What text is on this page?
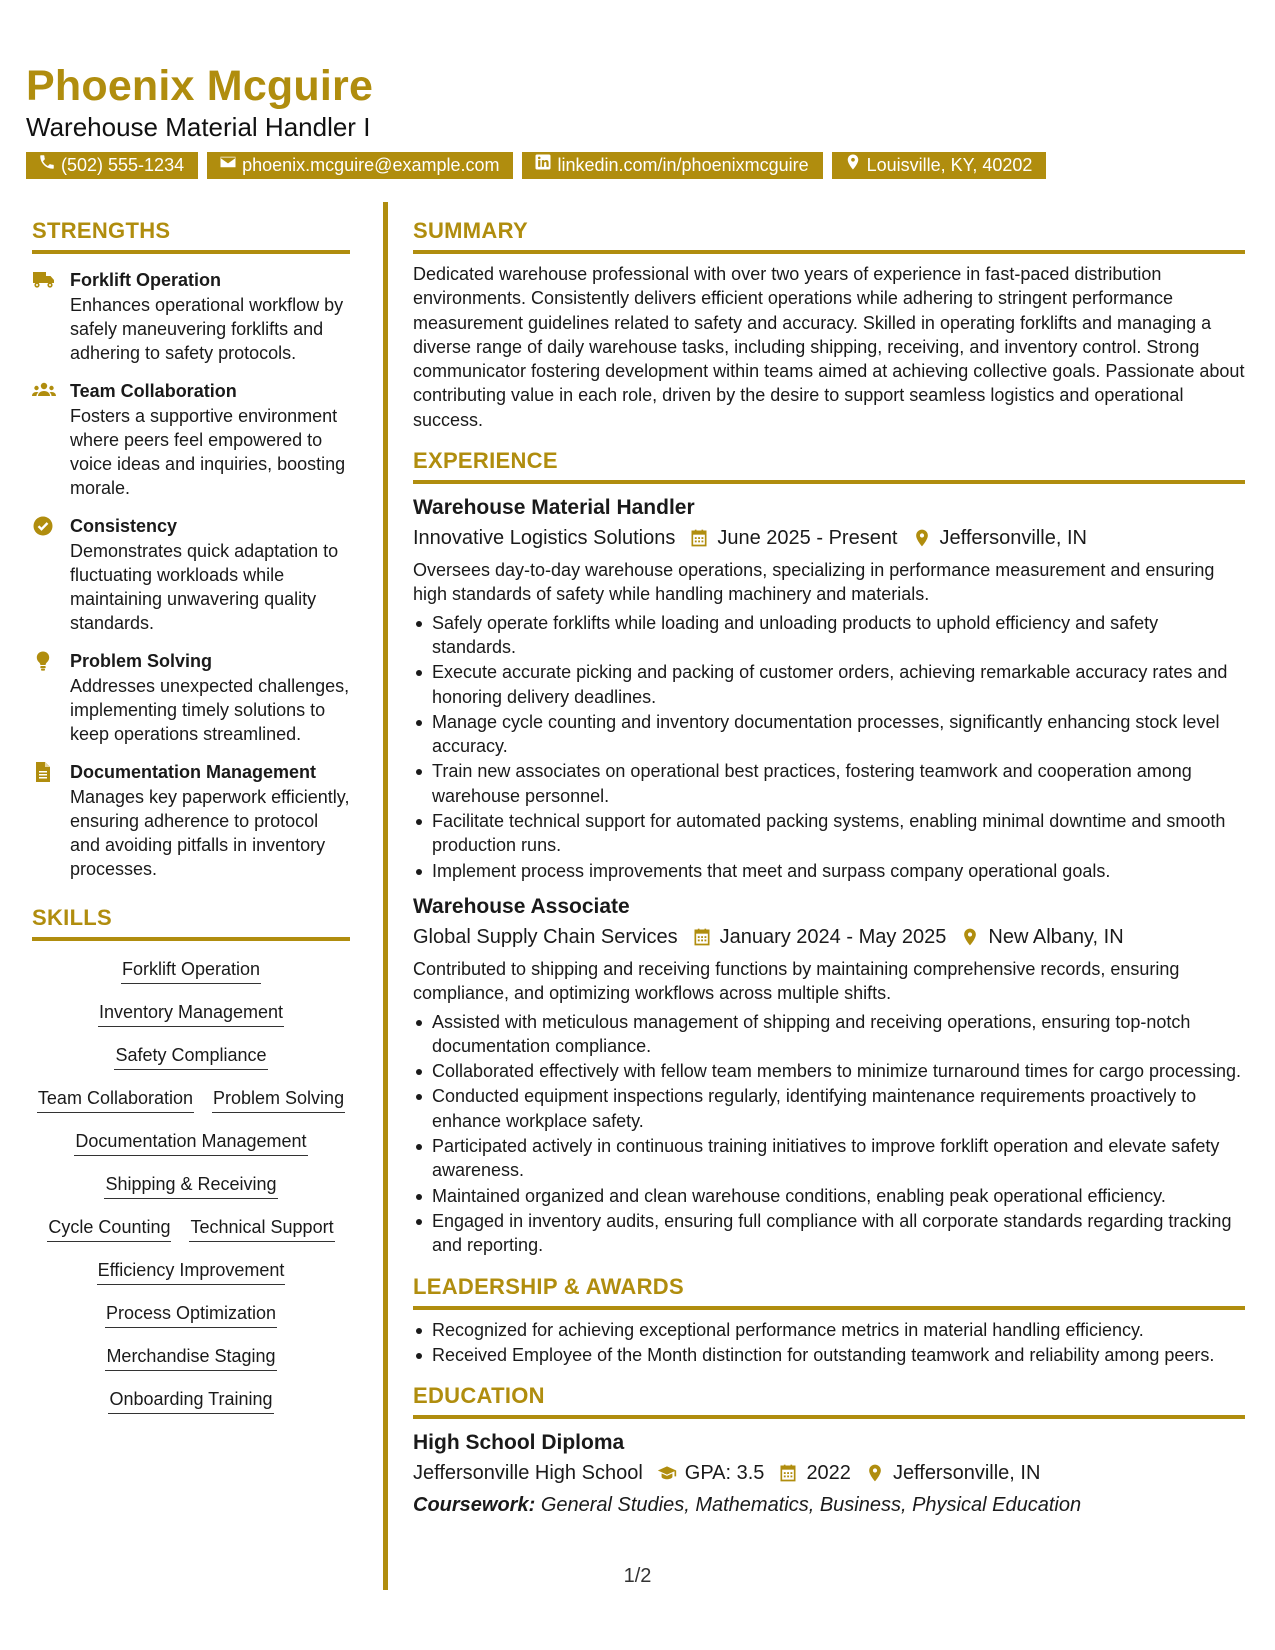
Phoenix Mcguire
Warehouse Material Handler I
(502) 555-1234	phoenix.mcguire@example.com	linkedin.com/in/phoenixmcguire	Louisville, KY, 40202
STRENGTHS
Forklift Operation
Enhances operational workflow by safely maneuvering forklifts and adhering to safety protocols.
Team Collaboration
Fosters a supportive environment where peers feel empowered to voice ideas and inquiries, boosting morale.
Consistency
Demonstrates quick adaptation to fluctuating workloads while maintaining unwavering quality standards.
Problem Solving
Addresses unexpected challenges, implementing timely solutions to keep operations streamlined.
Documentation Management
Manages key paperwork efficiently, ensuring adherence to protocol and avoiding pitfalls in inventory processes.
SKILLS
Forklift Operation
Inventory Management
Safety Compliance
Team Collaboration Problem Solving
Documentation Management
Shipping & Receiving
Cycle Counting Technical Support
Efficiency Improvement
Process Optimization
Merchandise Staging
Onboarding Training
SUMMARY

Dedicated warehouse professional with over two years of experience in fast-paced distribution environments. Consistently delivers efficient operations while adhering to stringent performance measurement guidelines related to safety and accuracy. Skilled in operating forklifts and managing a diverse range of daily warehouse tasks, including shipping, receiving, and inventory control. Strong communicator fostering development within teams aimed at achieving collective goals. Passionate about contributing value in each role, driven by the desire to support seamless logistics and operational success.

EXPERIENCE
Warehouse Material Handler
Innovative Logistics Solutions June 2025 - Present Jeffersonville, IN

Oversees day-to-day warehouse operations, specializing in performance measurement and ensuring high standards of safety while handling machinery and materials.

Safely operate forklifts while loading and unloading products to uphold efficiency and safety standards.
Execute accurate picking and packing of customer orders, achieving remarkable accuracy rates and honoring delivery deadlines.
Manage cycle counting and inventory documentation processes, significantly enhancing stock level accuracy.
Train new associates on operational best practices, fostering teamwork and cooperation among warehouse personnel.
Facilitate technical support for automated packing systems, enabling minimal downtime and smooth production runs.
Implement process improvements that meet and surpass company operational goals.
Warehouse Associate
Global Supply Chain Services January 2024 - May 2025 New Albany, IN

Contributed to shipping and receiving functions by maintaining comprehensive records, ensuring compliance, and optimizing workflows across multiple shifts.

Assisted with meticulous management of shipping and receiving operations, ensuring top-notch documentation compliance.
Collaborated effectively with fellow team members to minimize turnaround times for cargo processing.
Conducted equipment inspections regularly, identifying maintenance requirements proactively to enhance workplace safety.
Participated actively in continuous training initiatives to improve forklift operation and elevate safety awareness.
Maintained organized and clean warehouse conditions, enabling peak operational efficiency.
Engaged in inventory audits, ensuring full compliance with all corporate standards regarding tracking and reporting.
LEADERSHIP & AWARDS
Recognized for achieving exceptional performance metrics in material handling efficiency.
Received Employee of the Month distinction for outstanding teamwork and reliability among peers.
EDUCATION
High School Diploma
Jeffersonville High School GPA: 3.5 2022 Jeffersonville, IN
Coursework: General Studies, Mathematics, Business, Physical Education
1/2
